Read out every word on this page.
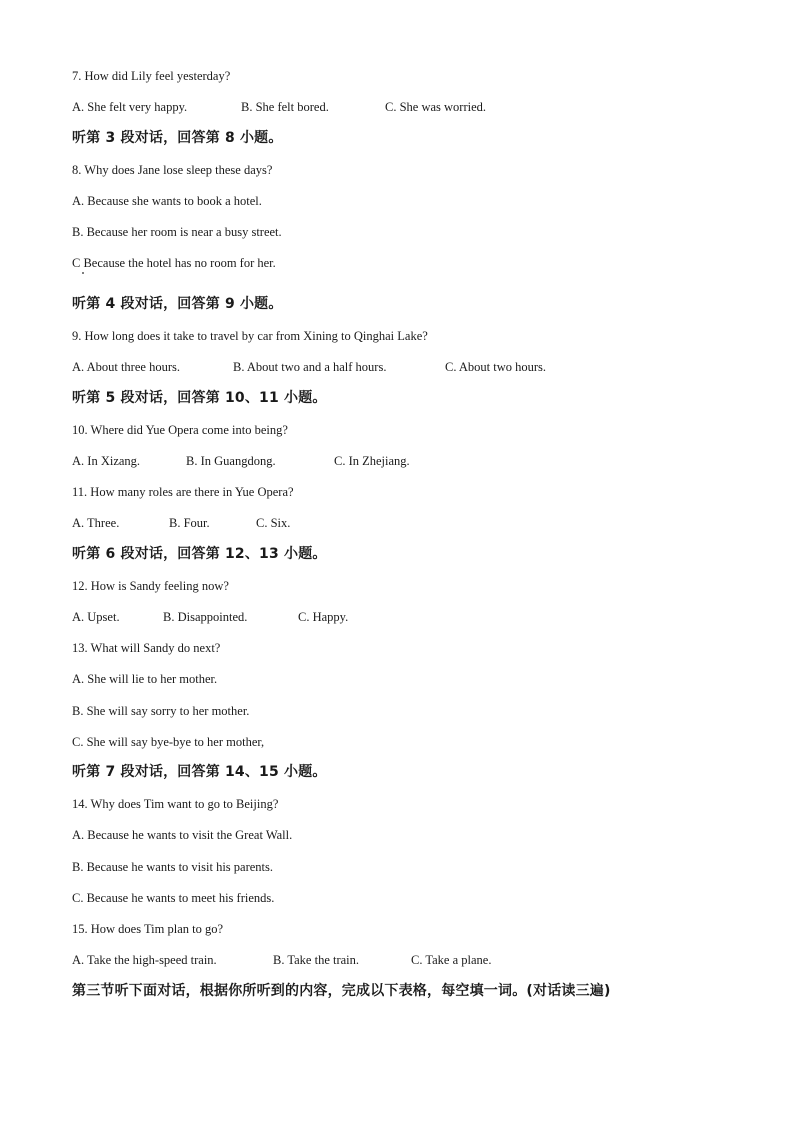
7. How did Lily feel yesterday?
A. She felt very happy.	B. She felt bored.	C. She was worried.
听第 3 段对话，回答第 8 小题。
8. Why does Jane lose sleep these days?
A. Because she wants to book a hotel.
B. Because her room is near a busy street.
C Because the hotel has no room for her.
听第 4 段对话，回答第 9 小题。
9. How long does it take to travel by car from Xining to Qinghai Lake?
A. About three hours.	B. About two and a half hours.	C. About two hours.
听第 5 段对话，回答第 10、11 小题。
10. Where did Yue Opera come into being?
A. In Xizang.	B. In Guangdong.	C. In Zhejiang.
11. How many roles are there in Yue Opera?
A. Three.	B. Four.	C. Six.
听第 6 段对话，回答第 12、13 小题。
12. How is Sandy feeling now?
A. Upset.	B. Disappointed.	C. Happy.
13. What will Sandy do next?
A. She will lie to her mother.
B. She will say sorry to her mother.
C. She will say bye-bye to her mother,
听第 7 段对话，回答第 14、15 小题。
14. Why does Tim want to go to Beijing?
A. Because he wants to visit the Great Wall.
B. Because he wants to visit his parents.
C. Because he wants to meet his friends.
15. How does Tim plan to go?
A. Take the high-speed train.	B. Take the train.	C. Take a plane.
第三节听下面对话，根据你所听到的内容，完成以下表格，每空填一词。(对话读三遍)
